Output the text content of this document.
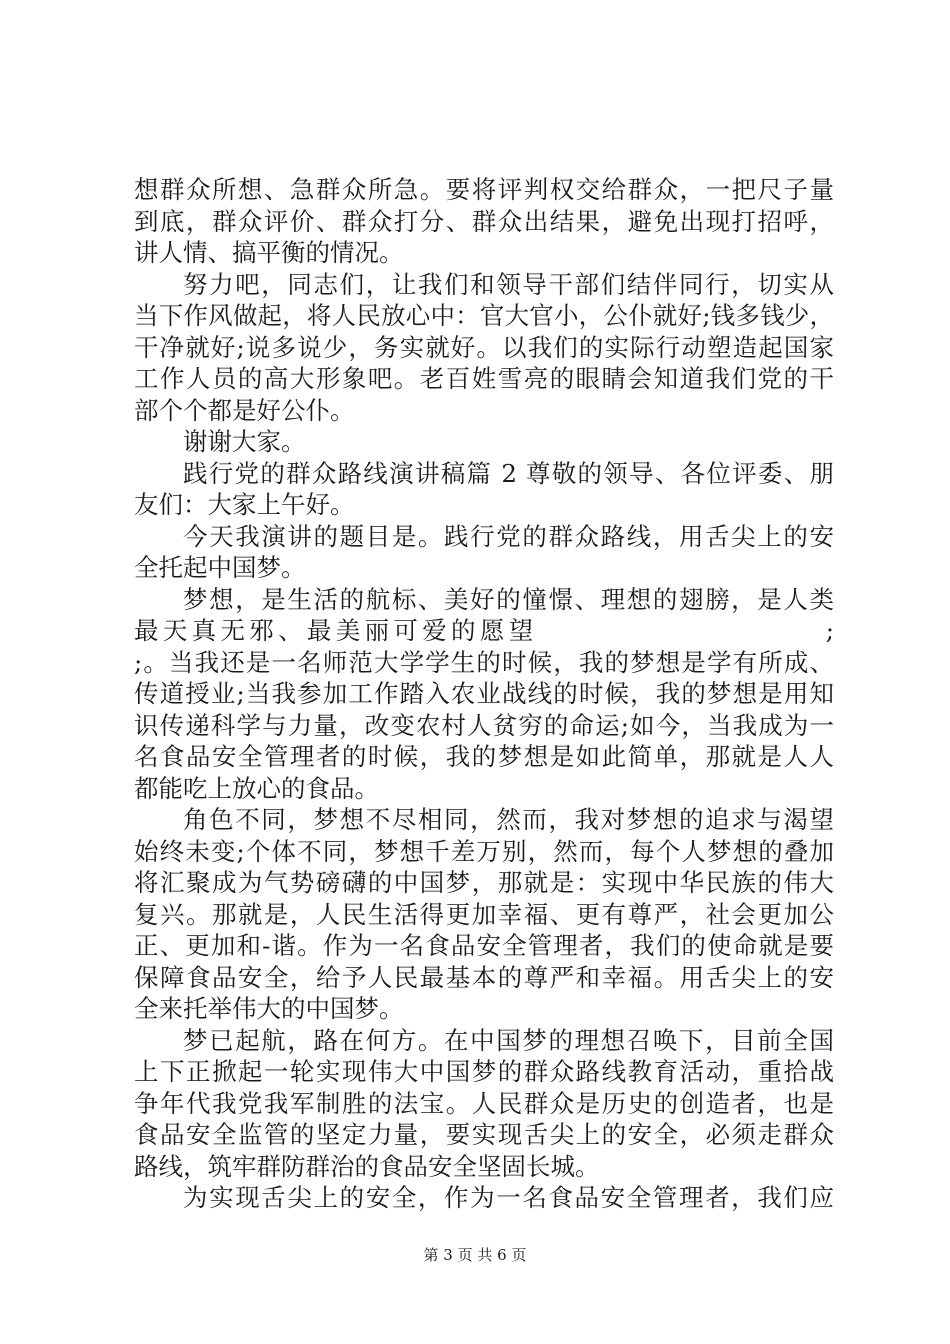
想群众所想、急群众所急。要将评判权交给群众，一把尺子量
到底，群众评价、群众打分、群众出结果，避免出现打招呼，
讲人情、搞平衡的情况。
努力吧，同志们，让我们和领导干部们结伴同行，切实从
当下作风做起，将人民放心中：官大官小，公仆就好;钱多钱少，
干净就好;说多说少，务实就好。以我们的实际行动塑造起国家
工作人员的高大形象吧。老百姓雪亮的眼睛会知道我们党的干
部个个都是好公仆。
谢谢大家。
践行党的群众路线演讲稿篇 2 尊敬的领导、各位评委、朋
友们：大家上午好。
今天我演讲的题目是。践行党的群众路线，用舌尖上的安
全托起中国梦。
梦想，是生活的航标、美好的憧憬、理想的翅膀，是人类
最天真无邪、最美丽可爱的愿望　　　　　　　　　　;
;。当我还是一名师范大学学生的时候，我的梦想是学有所成、
传道授业;当我参加工作踏入农业战线的时候，我的梦想是用知
识传递科学与力量，改变农村人贫穷的命运;如今，当我成为一
名食品安全管理者的时候，我的梦想是如此简单，那就是人人
都能吃上放心的食品。
角色不同，梦想不尽相同，然而，我对梦想的追求与渴望
始终未变;个体不同，梦想千差万别，然而，每个人梦想的叠加
将汇聚成为气势磅礴的中国梦，那就是：实现中华民族的伟大
复兴。那就是，人民生活得更加幸福、更有尊严，社会更加公
正、更加和-谐。作为一名食品安全管理者，我们的使命就是要
保障食品安全，给予人民最基本的尊严和幸福。用舌尖上的安
全来托举伟大的中国梦。
梦已起航，路在何方。在中国梦的理想召唤下，目前全国
上下正掀起一轮实现伟大中国梦的群众路线教育活动，重拾战
争年代我党我军制胜的法宝。人民群众是历史的创造者，也是
食品安全监管的坚定力量，要实现舌尖上的安全，必须走群众
路线，筑牢群防群治的食品安全坚固长城。
为实现舌尖上的安全，作为一名食品安全管理者，我们应
第 3 页 共 6 页
